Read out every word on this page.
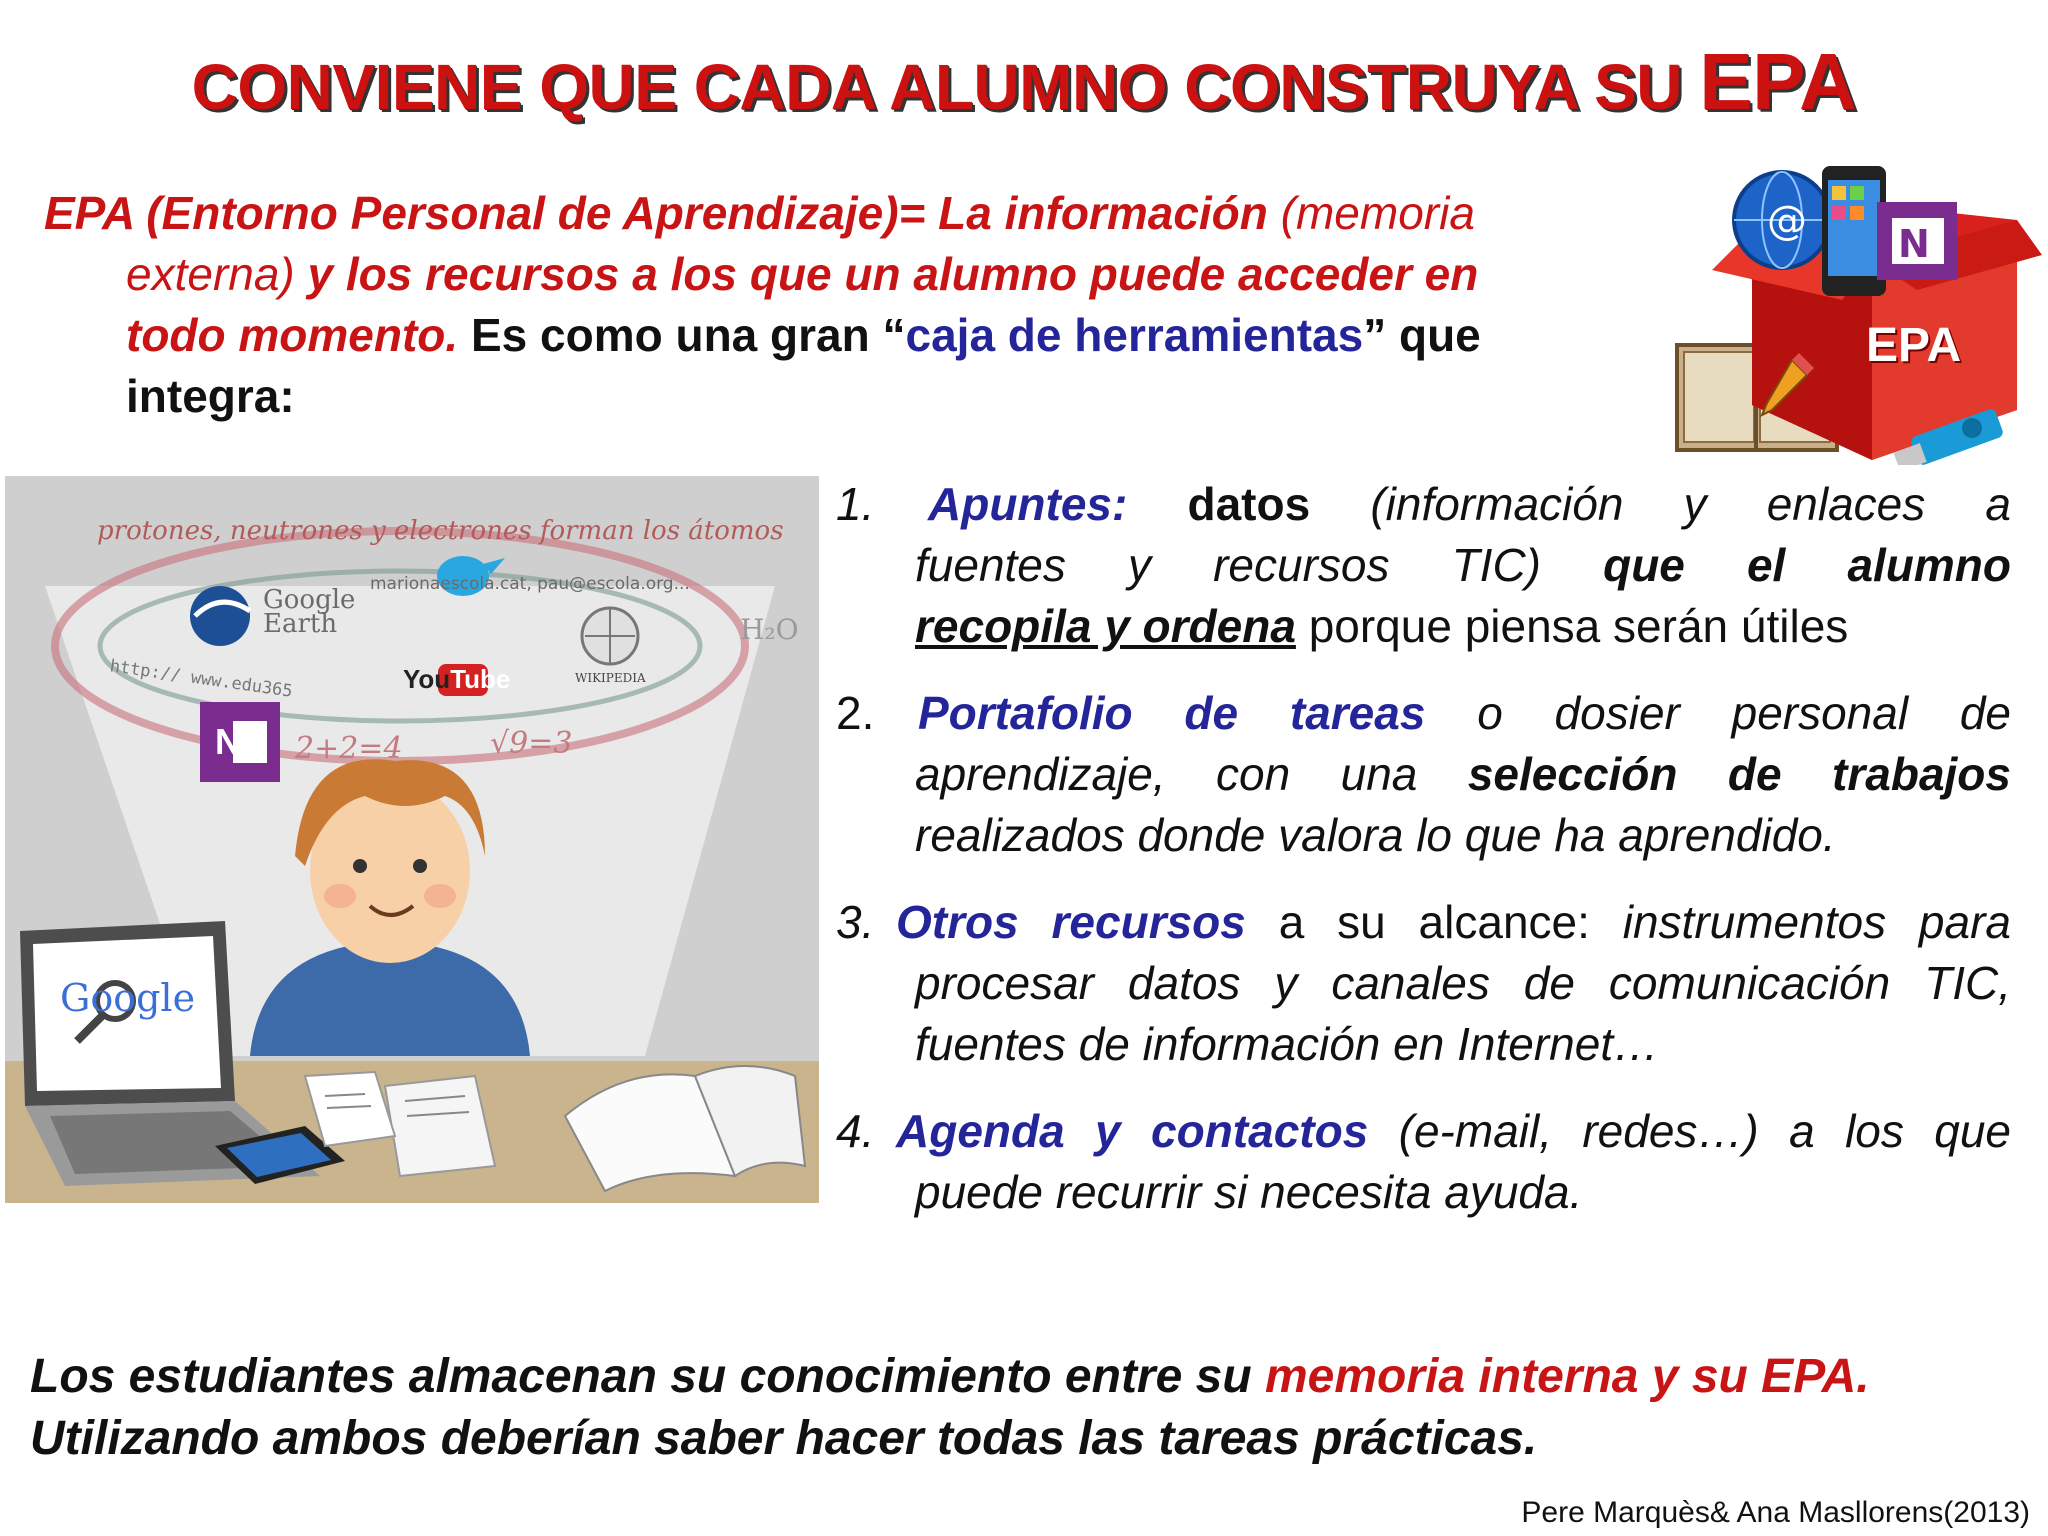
CONVIENE QUE CADA ALUMNO CONSTRUYA SU EPA
EPA (Entorno Personal de Aprendizaje)= La información (memoria
externa) y los recursos a los que un alumno puede acceder en
todo momento. Es como una gran “caja de herramientas” que
integra:
@ N
EPA
protones, neutrones y electrones forman los átomos
marionaescola.cat, pau@escola.org...
Google Earth
YouTube	WIKIPEDIA
http:// www.edu365
2+2=4	√9=3
H₂O
N
Google
1.	Apuntes: datos (información y enlaces a
fuentes y recursos TIC) que el alumno
recopila y ordena porque piensa serán útiles
2. Portafolio de tareas o dosier personal de
aprendizaje, con una selección de trabajos
realizados donde valora lo que ha aprendido.
3. Otros recursos a su alcance: instrumentos para
procesar datos y canales de comunicación TIC,
fuentes de información en Internet…
4. Agenda y contactos (e-mail, redes…) a los que
puede recurrir si necesita ayuda.
Los estudiantes almacenan su conocimiento entre su memoria interna y su EPA.
Utilizando ambos deberían saber hacer todas las tareas prácticas.
Pere Marquès& Ana Masllorens(2013)
